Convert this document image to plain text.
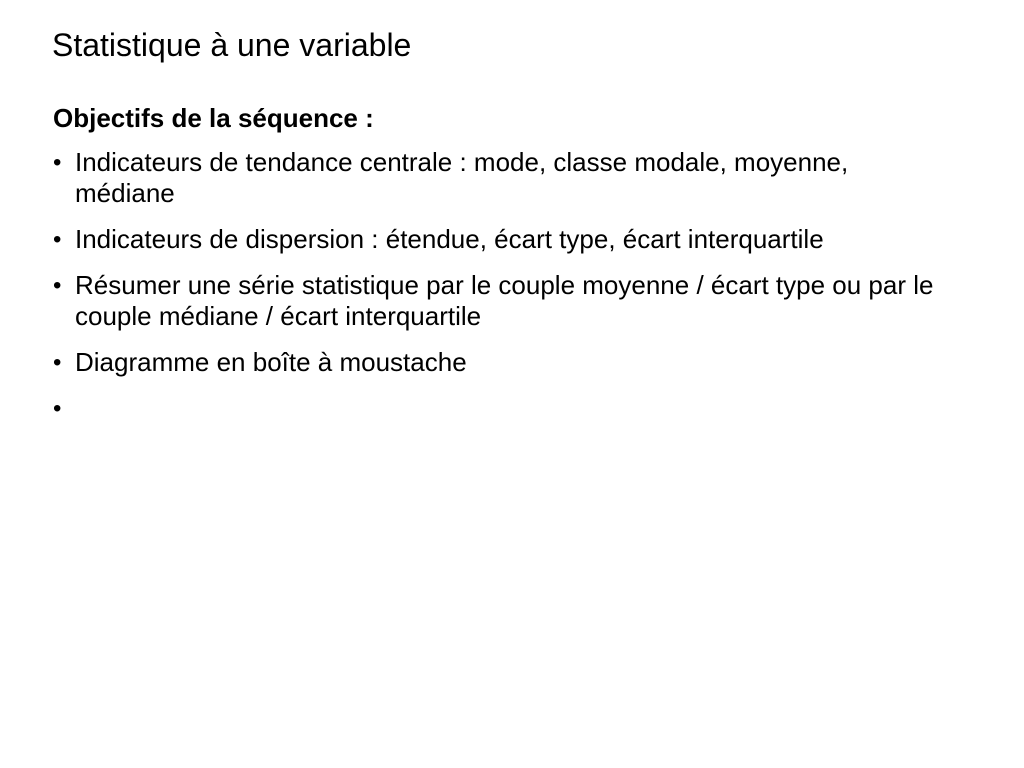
Statistique à une variable
Objectifs de la séquence :
• Indicateurs de tendance centrale : mode, classe modale, moyenne, médiane
• Indicateurs de dispersion : étendue, écart type, écart interquartile
• Résumer une série statistique par le couple moyenne / écart type ou par le couple médiane / écart interquartile
• Diagramme en boîte à moustache
•
